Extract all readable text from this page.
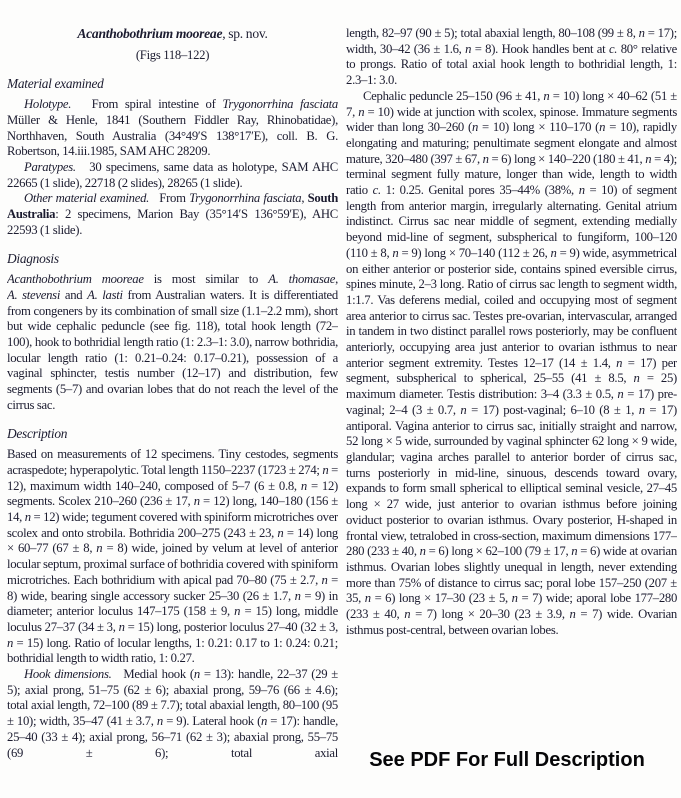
Acanthobothrium mooreae, sp. nov.
(Figs 118–122)
Material examined

Holotype.   From spiral intestine of Trygonorrhina fasciata Müller & Henle, 1841 (Southern Fiddler Ray, Rhinobatidae), Northhaven, South Australia (34°49′S 138°17′E), coll. B. G. Robertson, 14.iii.1985, SAM AHC 28209.

Paratypes.   30 specimens, same data as holotype, SAM AHC 22665 (1 slide), 22718 (2 slides), 28265 (1 slide).

Other material examined.   From Trygonorrhina fasciata, South Australia: 2 specimens, Marion Bay (35°14′S 136°59′E), AHC 22593 (1 slide).

Diagnosis

Acanthobothrium mooreae is most similar to A. thomasae, A. stevensi and A. lasti from Australian waters. It is differentiated from congeners by its combination of small size (1.1–2.2 mm), short but wide cephalic peduncle (see fig. 118), total hook length (72–100), hook to bothridial length ratio (1: 2.3–1: 3.0), narrow bothridia, locular length ratio (1: 0.21–0.24: 0.17–0.21), possession of a vaginal sphincter, testis number (12–17) and distribution, few segments (5–7) and ovarian lobes that do not reach the level of the cirrus sac.

Description

Based on measurements of 12 specimens. Tiny cestodes, segments acraspedote; hyperapolytic. Total length 1150–2237 (1723 ± 274; n = 12), maximum width 140–240, composed of 5–7 (6 ± 0.8, n = 12) segments. Scolex 210–260 (236 ± 17, n = 12) long, 140–180 (156 ± 14, n = 12) wide; tegument covered with spiniform microtriches over scolex and onto strobila. Bothridia 200–275 (243 ± 23, n = 14) long × 60–77 (67 ± 8, n = 8) wide, joined by velum at level of anterior locular septum, proximal surface of bothridia covered with spiniform microtriches. Each bothridium with apical pad 70–80 (75 ± 2.7, n = 8) wide, bearing single accessory sucker 25–30 (26 ± 1.7, n = 9) in diameter; anterior loculus 147–175 (158 ± 9, n = 15) long, middle loculus 27–37 (34 ± 3, n = 15) long, posterior loculus 27–40 (32 ± 3, n = 15) long. Ratio of locular lengths, 1: 0.21: 0.17 to 1: 0.24: 0.21; bothridial length to width ratio, 1: 0.27.

Hook dimensions.   Medial hook (n = 13): handle, 22–37 (29 ± 5); axial prong, 51–75 (62 ± 6); abaxial prong, 59–76 (66 ± 4.6); total axial length, 72–100 (89 ± 7.7); total abaxial length, 80–100 (95 ± 10); width, 35–47 (41 ± 3.7, n = 9). Lateral hook (n = 17): handle, 25–40 (33 ± 4); axial prong, 56–71 (62 ± 3); abaxial prong, 55–75 (69 ± 6); total axial

length, 82–97 (90 ± 5); total abaxial length, 80–108 (99 ± 8, n = 17); width, 30–42 (36 ± 1.6, n = 8). Hook handles bent at c. 80° relative to prongs. Ratio of total axial hook length to bothridial length, 1: 2.3–1: 3.0.

Cephalic peduncle 25–150 (96 ± 41, n = 10) long × 40–62 (51 ± 7, n = 10) wide at junction with scolex, spinose. Immature segments wider than long 30–260 (n = 10) long × 110–170 (n = 10), rapidly elongating and maturing; penultimate segment elongate and almost mature, 320–480 (397 ± 67, n = 6) long × 140–220 (180 ± 41, n = 4); terminal segment fully mature, longer than wide, length to width ratio c. 1: 0.25. Genital pores 35–44% (38%, n = 10) of segment length from anterior margin, irregularly alternating. Genital atrium indistinct. Cirrus sac near middle of segment, extending medially beyond mid-line of segment, subspherical to fungiform, 100–120 (110 ± 8, n = 9) long × 70–140 (112 ± 26, n = 9) wide, asymmetrical on either anterior or posterior side, contains spined eversible cirrus, spines minute, 2–3 long. Ratio of cirrus sac length to segment width, 1:1.7. Vas deferens medial, coiled and occupying most of segment area anterior to cirrus sac. Testes pre-ovarian, intervascular, arranged in tandem in two distinct parallel rows posteriorly, may be confluent anteriorly, occupying area just anterior to ovarian isthmus to near anterior segment extremity. Testes 12–17 (14 ± 1.4, n = 17) per segment, subspherical to spherical, 25–55 (41 ± 8.5, n = 25) maximum diameter. Testis distribution: 3–4 (3.3 ± 0.5, n = 17) pre-vaginal; 2–4 (3 ± 0.7, n = 17) post-vaginal; 6–10 (8 ± 1, n = 17) antiporal. Vagina anterior to cirrus sac, initially straight and narrow, 52 long × 5 wide, surrounded by vaginal sphincter 62 long × 9 wide, glandular; vagina arches parallel to anterior border of cirrus sac, turns posteriorly in mid-line, sinuous, descends toward ovary, expands to form small spherical to elliptical seminal vesicle, 27–45 long × 27 wide, just anterior to ovarian isthmus before joining oviduct posterior to ovarian isthmus. Ovary posterior, H-shaped in frontal view, tetralobed in cross-section, maximum dimensions 177–280 (233 ± 40, n = 6) long × 62–100 (79 ± 17, n = 6) wide at ovarian isthmus. Ovarian lobes slightly unequal in length, never extending more than 75% of distance to cirrus sac; poral lobe 157–250 (207 ± 35, n = 6) long × 17–30 (23 ± 5, n = 7) wide; aporal lobe 177–280 (233 ± 40, n = 7) long × 20–30 (23 ± 3.9, n = 7) wide. Ovarian isthmus post-central, between ovarian lobes.

See PDF For Full Description
